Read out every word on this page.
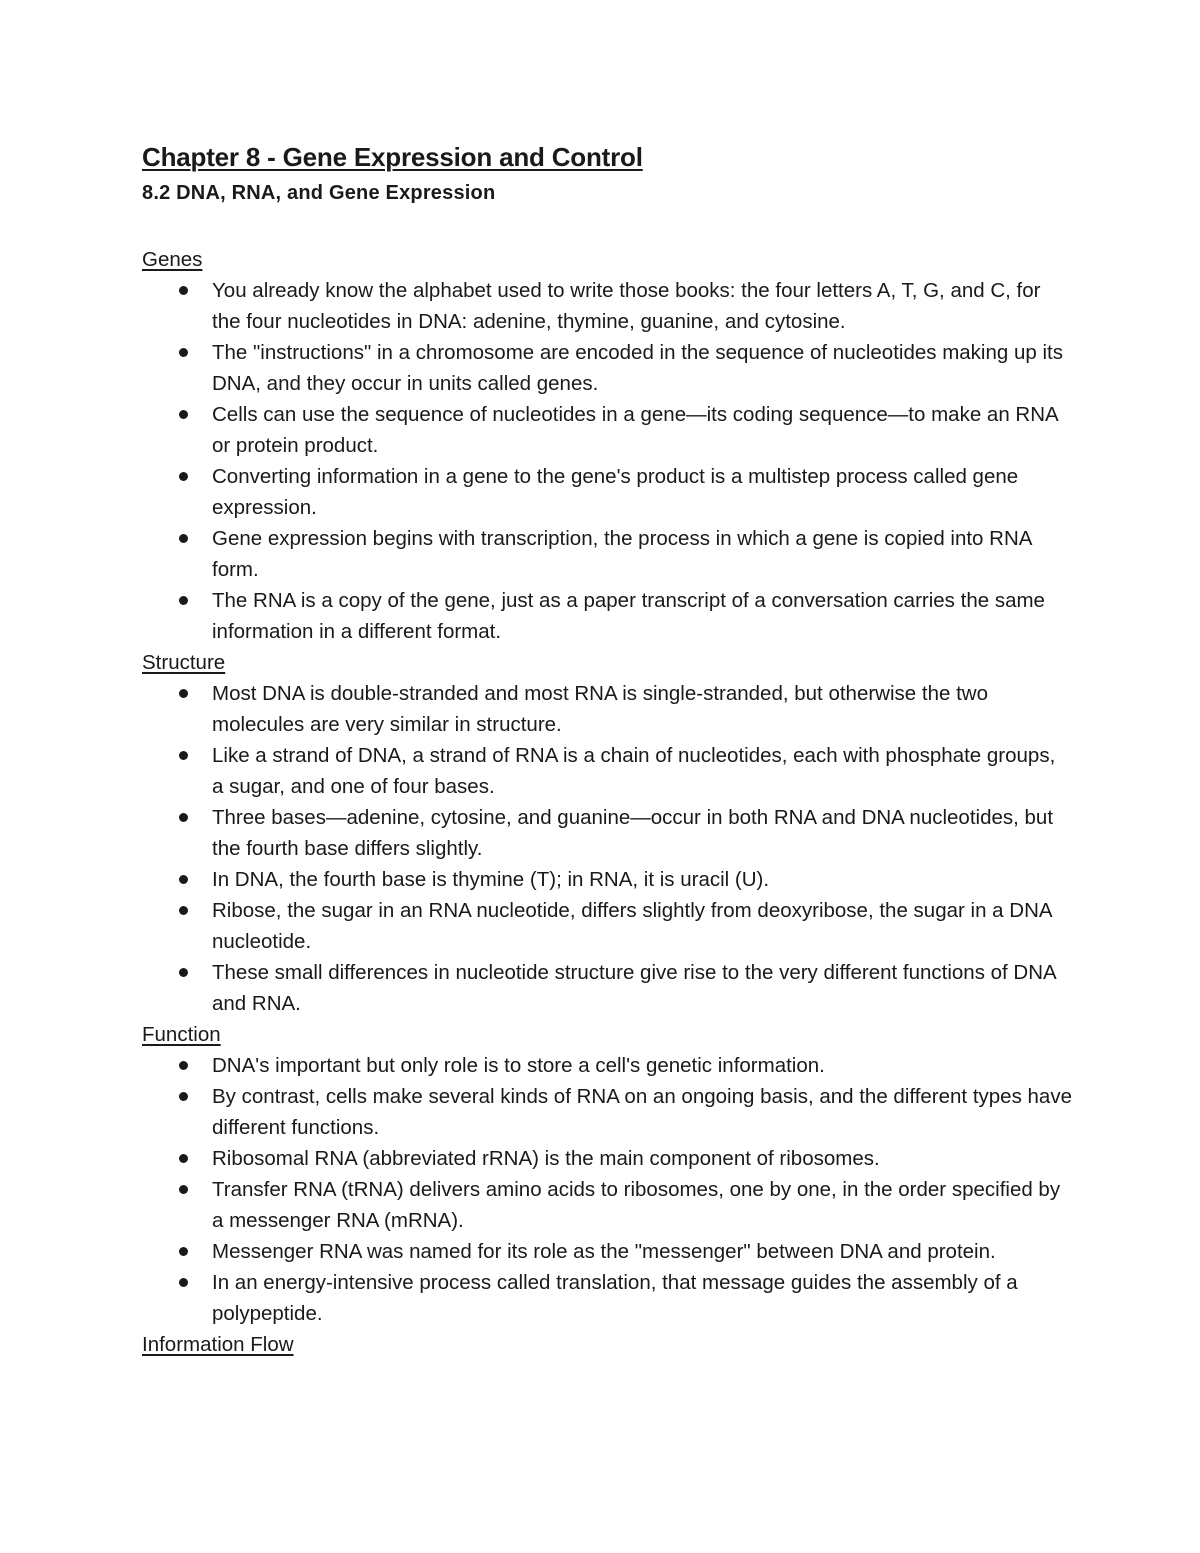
Chapter 8 - Gene Expression and Control
8.2 DNA, RNA, and Gene Expression
Genes
You already know the alphabet used to write those books: the four letters A, T, G, and C, for the four nucleotides in DNA: adenine, thymine, guanine, and cytosine.
The "instructions" in a chromosome are encoded in the sequence of nucleotides making up its DNA, and they occur in units called genes.
Cells can use the sequence of nucleotides in a gene—its coding sequence—to make an RNA or protein product.
Converting information in a gene to the gene's product is a multistep process called gene expression.
Gene expression begins with transcription, the process in which a gene is copied into RNA form.
The RNA is a copy of the gene, just as a paper transcript of a conversation carries the same information in a different format.
Structure
Most DNA is double-stranded and most RNA is single-stranded, but otherwise the two molecules are very similar in structure.
Like a strand of DNA, a strand of RNA is a chain of nucleotides, each with phosphate groups, a sugar, and one of four bases.
Three bases—adenine, cytosine, and guanine—occur in both RNA and DNA nucleotides, but the fourth base differs slightly.
In DNA, the fourth base is thymine (T); in RNA, it is uracil (U).
Ribose, the sugar in an RNA nucleotide, differs slightly from deoxyribose, the sugar in a DNA nucleotide.
These small differences in nucleotide structure give rise to the very different functions of DNA and RNA.
Function
DNA's important but only role is to store a cell's genetic information.
By contrast, cells make several kinds of RNA on an ongoing basis, and the different types have different functions.
Ribosomal RNA (abbreviated rRNA) is the main component of ribosomes.
Transfer RNA (tRNA) delivers amino acids to ribosomes, one by one, in the order specified by a messenger RNA (mRNA).
Messenger RNA was named for its role as the "messenger" between DNA and protein.
In an energy-intensive process called translation, that message guides the assembly of a polypeptide.
Information Flow
